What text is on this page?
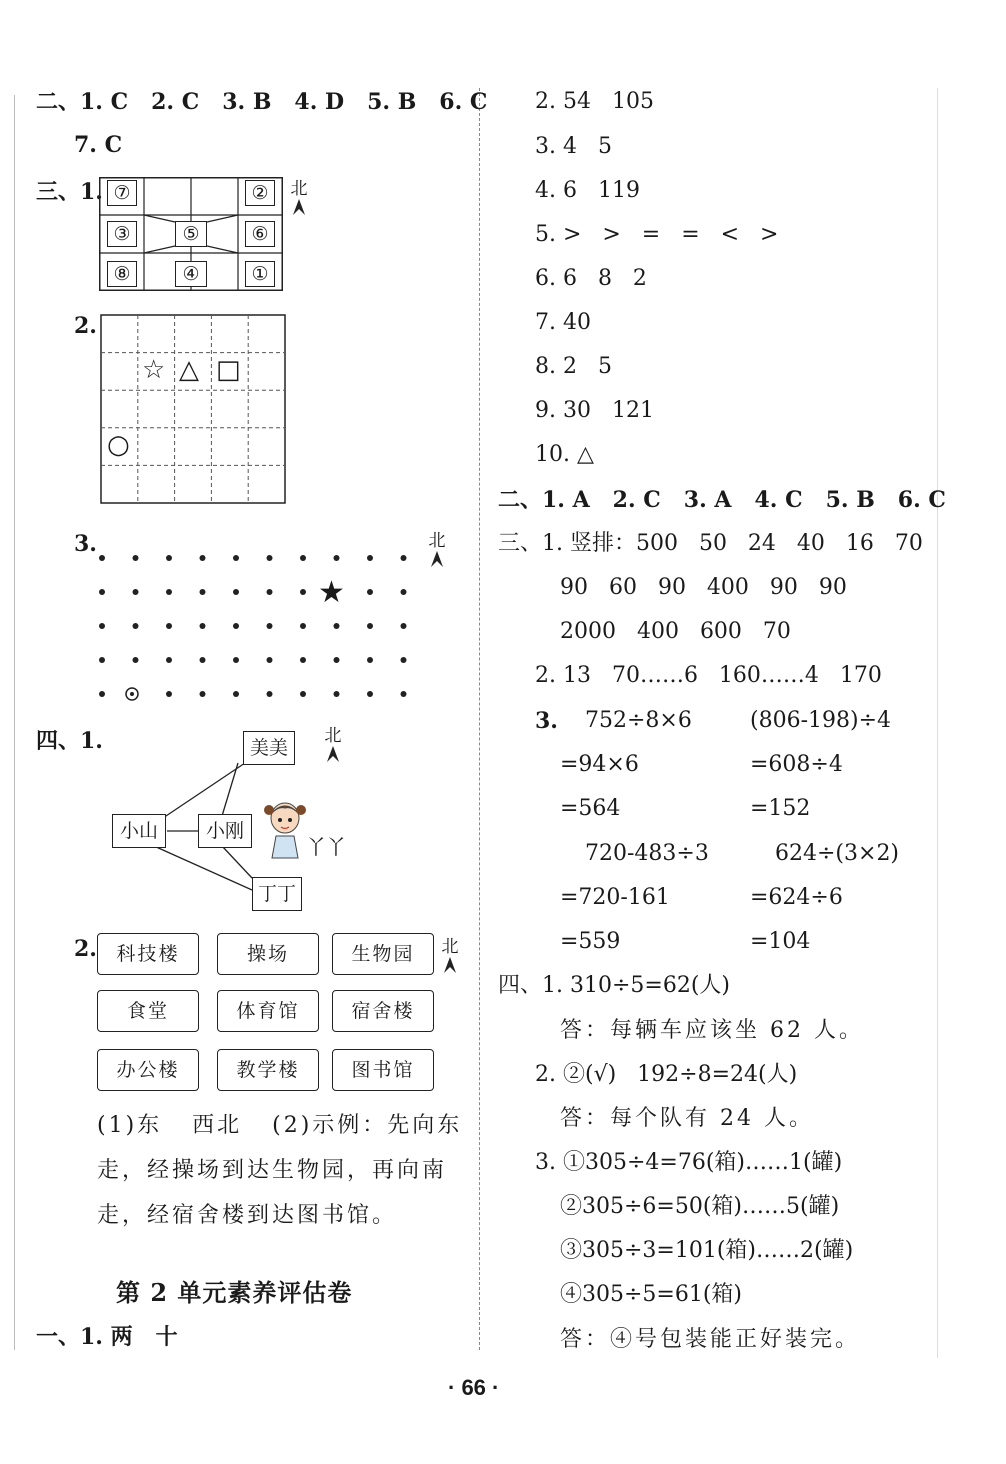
二、1. C   2. C   3. B   4. D   5. B   6. C
7. C
三、1. ⑦	②
③	⑤	⑥
⑧	④	①
北
2.
☆ △ □
○
3.
★
北
四、1.	美美
小山	小刚
丁丁
丫丫
北
2.	科技楼	操场	生物园
食堂	体育馆	宿舍楼
办公楼	教学楼	图书馆
北
(1)东   西北   (2)示例：先向东
走，经操场到达生物园，再向南
走，经宿舍楼到达图书馆。
第 2 单元素养评估卷
一、1. 两   十
2. 54   105
3. 4   5
4. 6   119
5. >   >   =   =   <   >
6. 6   8   2
7. 40
8. 2   5
9. 30   121
10. △
二、1. A   2. C   3. A   4. C   5. B   6. C
三、1. 竖排：500   50   24   40   16   70
90   60   90   400   90   90
2000   400   600   70
2. 13   70……6   160……4   170
3. 752÷8×6
=94×6
=564
720-483÷3
=720-161
=559
(806-198)÷4
=608÷4
=152
624÷(3×2)
=624÷6
=104
四、1. 310÷5=62(人)
答：每辆车应该坐 62 人。
2. ②(√)   192÷8=24(人)
答：每个队有 24 人。
3. ①305÷4=76(箱)……1(罐)
②305÷6=50(箱)……5(罐)
③305÷3=101(箱)……2(罐)
④305÷5=61(箱)
答：④号包装能正好装完。
· 66 ·
